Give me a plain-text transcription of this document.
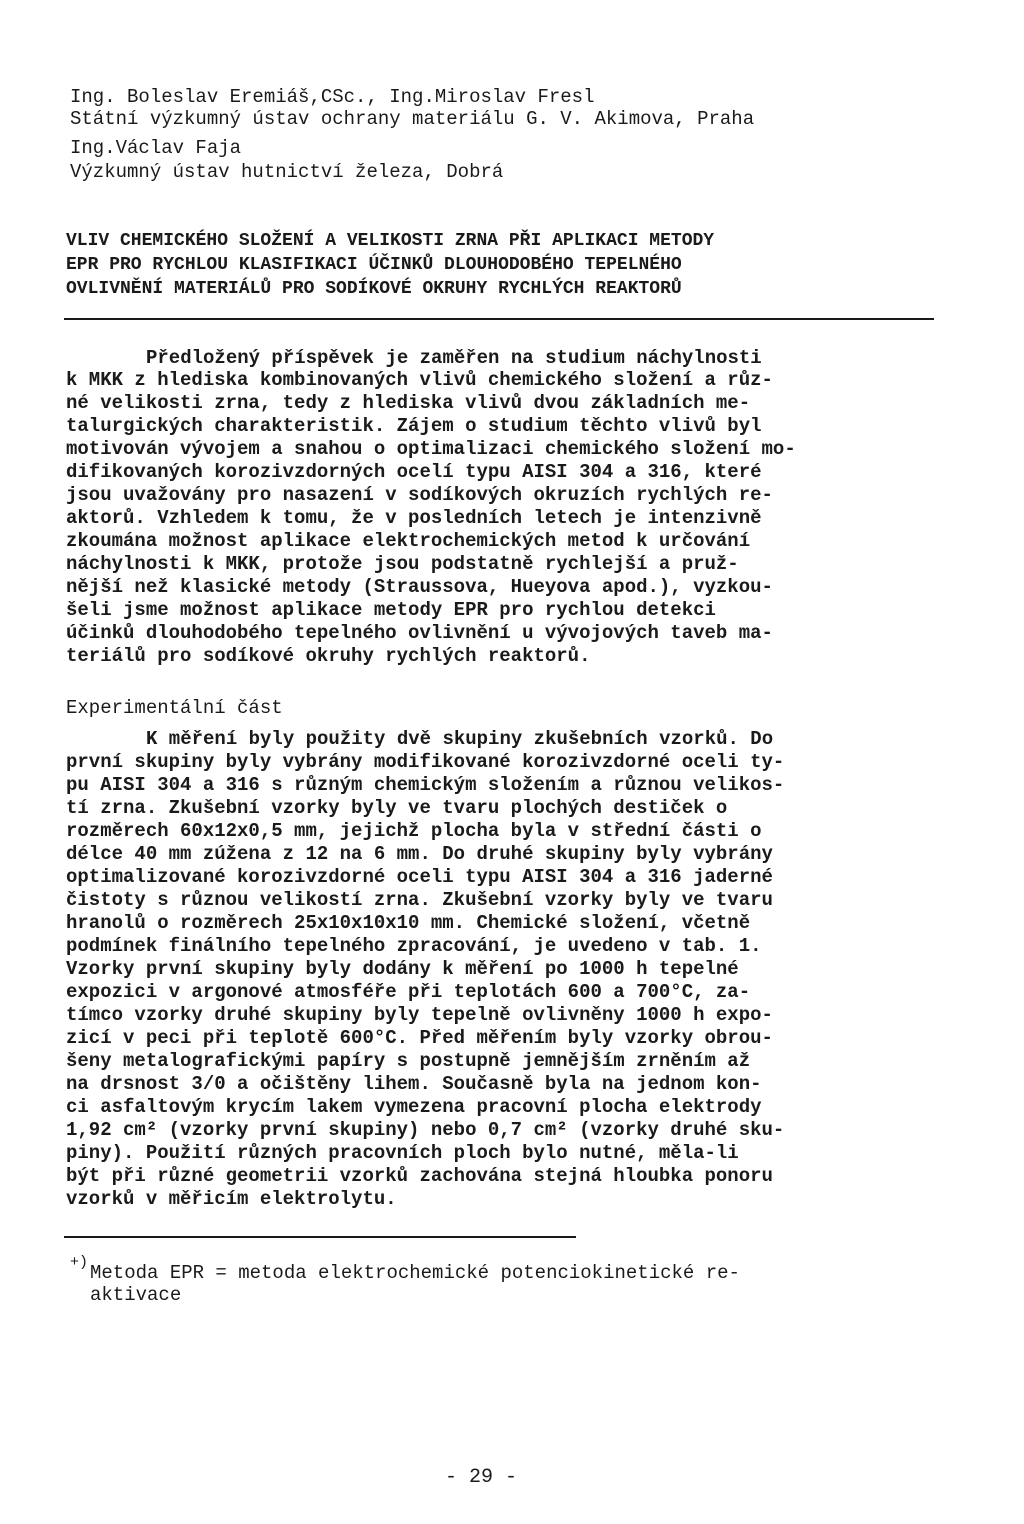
Ing. Boleslav Eremiáš,CSc., Ing.Miroslav Fresl
Státní výzkumný ústav ochrany materiálu G. V. Akimova, Praha
Ing.Václav Faja
Výzkumný ústav hutnictví železa, Dobrá
VLIV CHEMICKÉHO SLOŽENÍ A VELIKOSTI ZRNA PŘI APLIKACI METODY
EPR PRO RYCHLOU KLASIFIKACI ÚČINKŮ DLOUHODOBÉHO TEPELNÉHO
OVLIVNĚNÍ MATERIÁLŮ PRO SODÍKOVÉ OKRUHY RYCHLÝCH REAKTORŮ
Předložený příspěvek je zaměřen na studium náchylnosti
k MKK z hlediska kombinovaných vlivů chemického složení a růz-
né velikosti zrna, tedy z hlediska vlivů dvou základních me-
talurgických charakteristik. Zájem o studium těchto vlivů byl
motivován vývojem a snahou o optimalizaci chemického složení mo-
difikovaných korozivzdorných ocelí typu AISI 304 a 316, které
jsou uvažovány pro nasazení v sodíkových okruzích rychlých re-
aktorů. Vzhledem k tomu, že v posledních letech je intenzivně
zkoumána možnost aplikace elektrochemických metod k určování
náchylnosti k MKK, protože jsou podstatně rychlejší a pruž-
nější než klasické metody (Straussova, Hueyova apod.), vyzkou-
šeli jsme možnost aplikace metody EPR pro rychlou detekci
účinků dlouhodobého tepelného ovlivnění u vývojových taveb ma-
teriálů pro sodíkové okruhy rychlých reaktorů.
Experimentální část
K měření byly použity dvě skupiny zkušebních vzorků. Do
první skupiny byly vybrány modifikované korozivzdorné oceli ty-
pu AISI 304 a 316 s různým chemickým složením a různou velikos-
tí zrna. Zkušební vzorky byly ve tvaru plochých destiček o
rozměrech 60x12x0,5 mm, jejichž plocha byla v střední části o
délce 40 mm zúžena z 12 na 6 mm. Do druhé skupiny byly vybrány
optimalizované korozivzdorné oceli typu AISI 304 a 316 jaderné
čistoty s různou velikostí zrna. Zkušební vzorky byly ve tvaru
hranolů o rozměrech 25x10x10x10 mm. Chemické složení, včetně
podmínek finálního tepelného zpracování, je uvedeno v tab. 1.
Vzorky první skupiny byly dodány k měření po 1000 h tepelné
expozici v argonové atmosféře při teplotách 600 a 700°C, za-
tímco vzorky druhé skupiny byly tepelně ovlivněny 1000 h expo-
zicí v peci při teplotě 600°C. Před měřením byly vzorky obrou-
šeny metalografickými papíry s postupně jemnějším zrněním až
na drsnost 3/0 a očištěny lihem. Současně byla na jednom kon-
ci asfaltovým krycím lakem vymezena pracovní plocha elektrody
1,92 cm² (vzorky první skupiny) nebo 0,7 cm² (vzorky druhé sku-
piny). Použití různých pracovních ploch bylo nutné, měla-li
být při různé geometrii vzorků zachována stejná hloubka ponoru
vzorků v měřicím elektrolytu.
+) Metoda EPR = metoda elektrochemické potenciokinetické re-
aktivace
- 29 -
